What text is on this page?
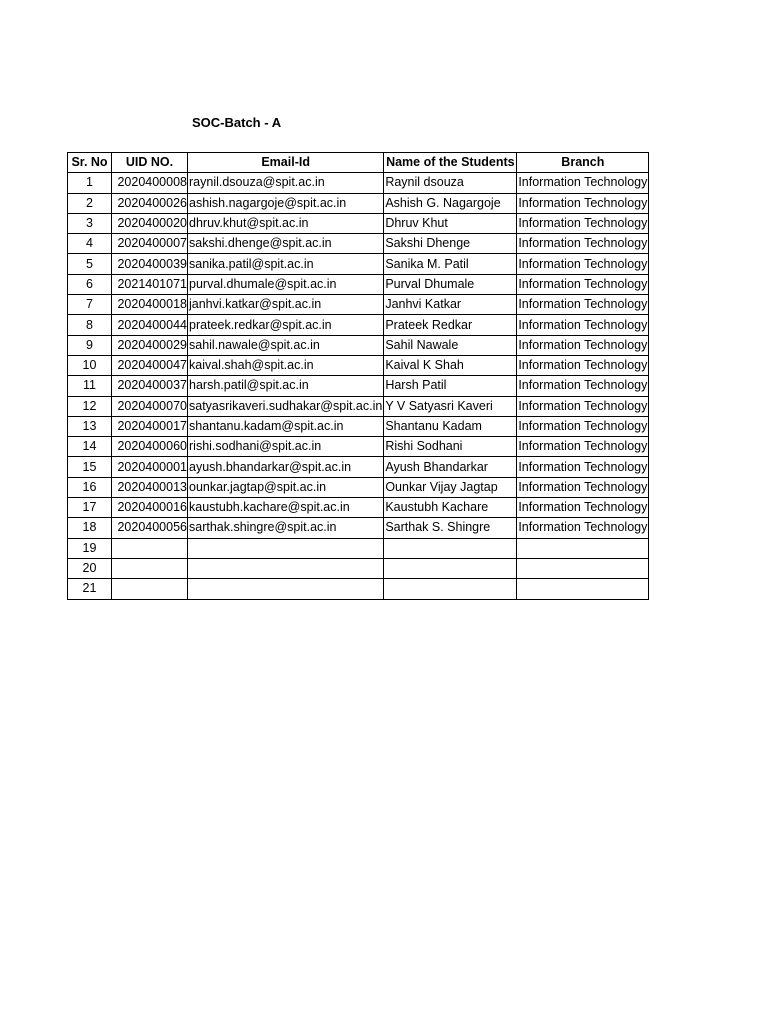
SOC-Batch - A
Sr. No	UID NO.	Email-Id	Name of the Students	Branch
1	2020400008	raynil.dsouza@spit.ac.in	Raynil dsouza	Information Technology
2	2020400026	ashish.nagargoje@spit.ac.in	Ashish G. Nagargoje	Information Technology
3	2020400020	dhruv.khut@spit.ac.in	Dhruv Khut	Information Technology
4	2020400007	sakshi.dhenge@spit.ac.in	Sakshi Dhenge	Information Technology
5	2020400039	sanika.patil@spit.ac.in	Sanika M. Patil	Information Technology
6	2021401071	purval.dhumale@spit.ac.in	Purval Dhumale	Information Technology
7	2020400018	janhvi.katkar@spit.ac.in	Janhvi Katkar	Information Technology
8	2020400044	prateek.redkar@spit.ac.in	Prateek Redkar	Information Technology
9	2020400029	sahil.nawale@spit.ac.in	Sahil Nawale	Information Technology
10	2020400047	kaival.shah@spit.ac.in	Kaival K Shah	Information Technology
11	2020400037	harsh.patil@spit.ac.in	Harsh Patil	Information Technology
12	2020400070	satyasrikaveri.sudhakar@spit.ac.in	Y V Satyasri Kaveri	Information Technology
13	2020400017	shantanu.kadam@spit.ac.in	Shantanu Kadam	Information Technology
14	2020400060	rishi.sodhani@spit.ac.in	Rishi Sodhani	Information Technology
15	2020400001	ayush.bhandarkar@spit.ac.in	Ayush Bhandarkar	Information Technology
16	2020400013	ounkar.jagtap@spit.ac.in	Ounkar Vijay Jagtap	Information Technology
17	2020400016	kaustubh.kachare@spit.ac.in	Kaustubh Kachare	Information Technology
18	2020400056	sarthak.shingre@spit.ac.in	Sarthak S. Shingre	Information Technology
19				
20				
21				
